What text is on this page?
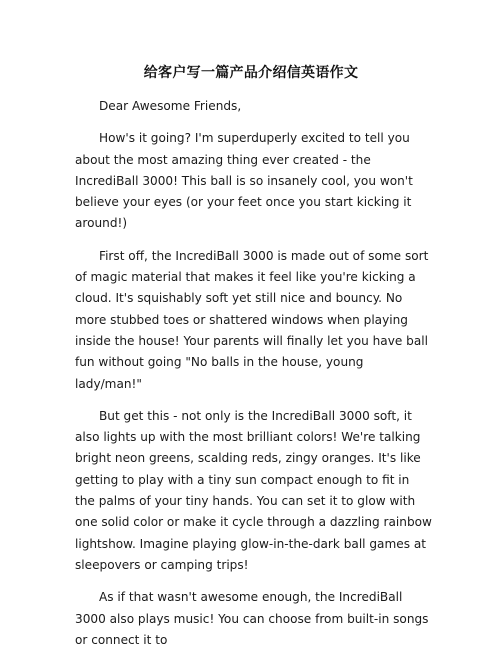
给客户写一篇产品介绍信英语作文

Dear Awesome Friends,

How's it going? I'm superduperly excited to tell you about the most amazing thing ever created - the IncrediBall 3000! This ball is so insanely cool, you won't believe your eyes (or your feet once you start kicking it around!)

First off, the IncrediBall 3000 is made out of some sort of magic material that makes it feel like you're kicking a cloud. It's squishably soft yet still nice and bouncy. No more stubbed toes or shattered windows when playing inside the house! Your parents will finally let you have ball fun without going "No balls in the house, young lady/man!"

But get this - not only is the IncrediBall 3000 soft, it also lights up with the most brilliant colors! We're talking bright neon greens, scalding reds, zingy oranges. It's like getting to play with a tiny sun compact enough to fit in the palms of your tiny hands. You can set it to glow with one solid color or make it cycle through a dazzling rainbow lightshow. Imagine playing glow-in-the-dark ball games at sleepovers or camping trips!

As if that wasn't awesome enough, the IncrediBall 3000 also plays music! You can choose from built-in songs or connect it to
